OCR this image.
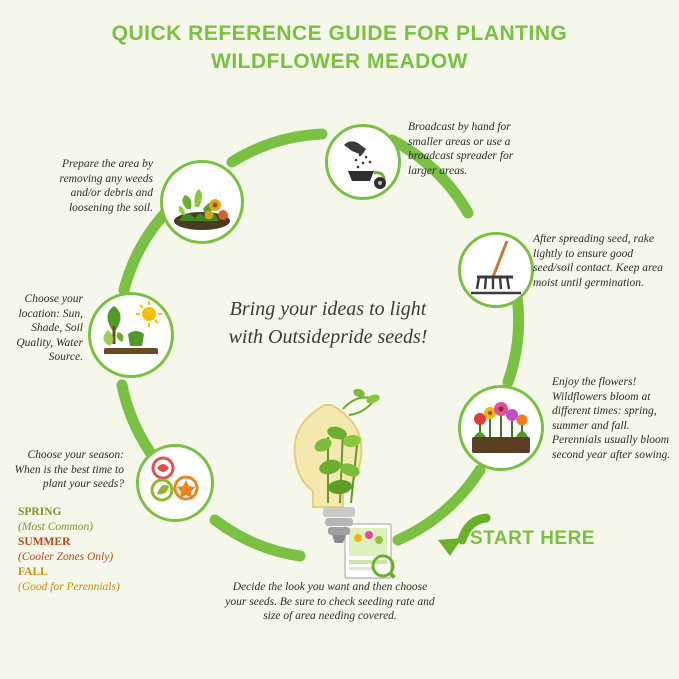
QUICK REFERENCE GUIDE FOR PLANTING
WILDFLOWER MEADOW
Prepare the area by removing any weeds and/or debris and loosening the soil.
Broadcast by hand for smaller areas or use a broadcast spreader for larger areas.
After spreading seed, rake lightly to ensure good seed/soil contact. Keep area moist until germination.
Enjoy the flowers! Wildflowers bloom at different times: spring, summer and fall. Perennials usually bloom second year after sowing.
Decide the look you want and then choose your seeds. Be sure to check seeding rate and size of area needing covered.
Choose your season: When is the best time to plant your seeds?
SPRING
(Most Common)
SUMMER
(Cooler Zones Only)
FALL
(Good for Perennials)
Choose your location: Sun, Shade, Soil Quality, Water Source.
Bring your ideas to light
with Outsidepride seeds!
START HERE
